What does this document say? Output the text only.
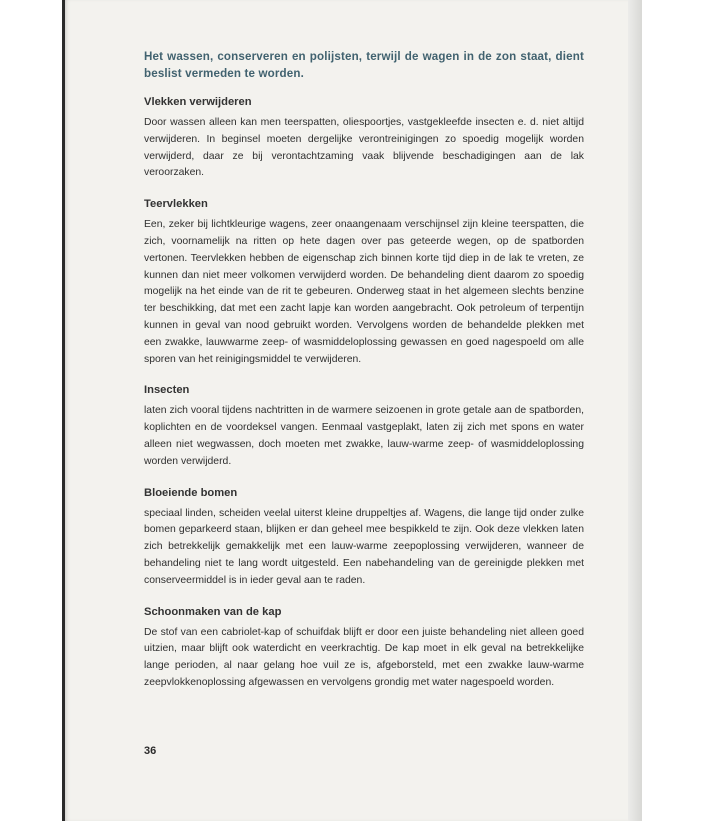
Het wassen, conserveren en polijsten, terwijl de wagen in de zon staat, dient beslist vermeden te worden.

Vlekken verwijderen

Door wassen alleen kan men teerspatten, oliespoortjes, vastgekleefde insecten e. d. niet altijd verwijderen. In beginsel moeten dergelijke verontreinigingen zo spoedig mogelijk worden verwijderd, daar ze bij verontachtzaming vaak blijvende beschadigingen aan de lak veroorzaken.

Teervlekken

Een, zeker bij lichtkleurige wagens, zeer onaangenaam verschijnsel zijn kleine teerspatten, die zich, voornamelijk na ritten op hete dagen over pas geteerde wegen, op de spatborden vertonen. Teervlekken hebben de eigenschap zich binnen korte tijd diep in de lak te vreten, ze kunnen dan niet meer volkomen verwijderd worden. De behandeling dient daarom zo spoedig mogelijk na het einde van de rit te gebeuren. Onderweg staat in het algemeen slechts benzine ter beschikking, dat met een zacht lapje kan worden aangebracht. Ook petroleum of terpentijn kunnen in geval van nood gebruikt worden. Vervolgens worden de behandelde plekken met een zwakke, lauwwarme zeep- of wasmiddeloplossing gewassen en goed nagespoeld om alle sporen van het reinigingsmiddel te verwijderen.

Insecten

laten zich vooral tijdens nachtritten in de warmere seizoenen in grote getale aan de spatborden, koplichten en de voordeksel vangen. Eenmaal vastgeplakt, laten zij zich met spons en water alleen niet wegwassen, doch moeten met zwakke, lauw-warme zeep- of wasmiddeloplossing worden verwijderd.

Bloeiende bomen

speciaal linden, scheiden veelal uiterst kleine druppeltjes af. Wagens, die lange tijd onder zulke bomen geparkeerd staan, blijken er dan geheel mee bespikkeld te zijn. Ook deze vlekken laten zich betrekkelijk gemakkelijk met een lauw-warme zeepoplossing verwijderen, wanneer de behandeling niet te lang wordt uitgesteld. Een nabehandeling van de gereinigde plekken met conserveermiddel is in ieder geval aan te raden.

Schoonmaken van de kap

De stof van een cabriolet-kap of schuifdak blijft er door een juiste behandeling niet alleen goed uitzien, maar blijft ook waterdicht en veerkrachtig. De kap moet in elk geval na betrekkelijke lange perioden, al naar gelang hoe vuil ze is, afgeborsteld, met een zwakke lauw-warme zeepvlokkenoplossing afgewassen en vervolgens grondig met water nagespoeld worden.

36
